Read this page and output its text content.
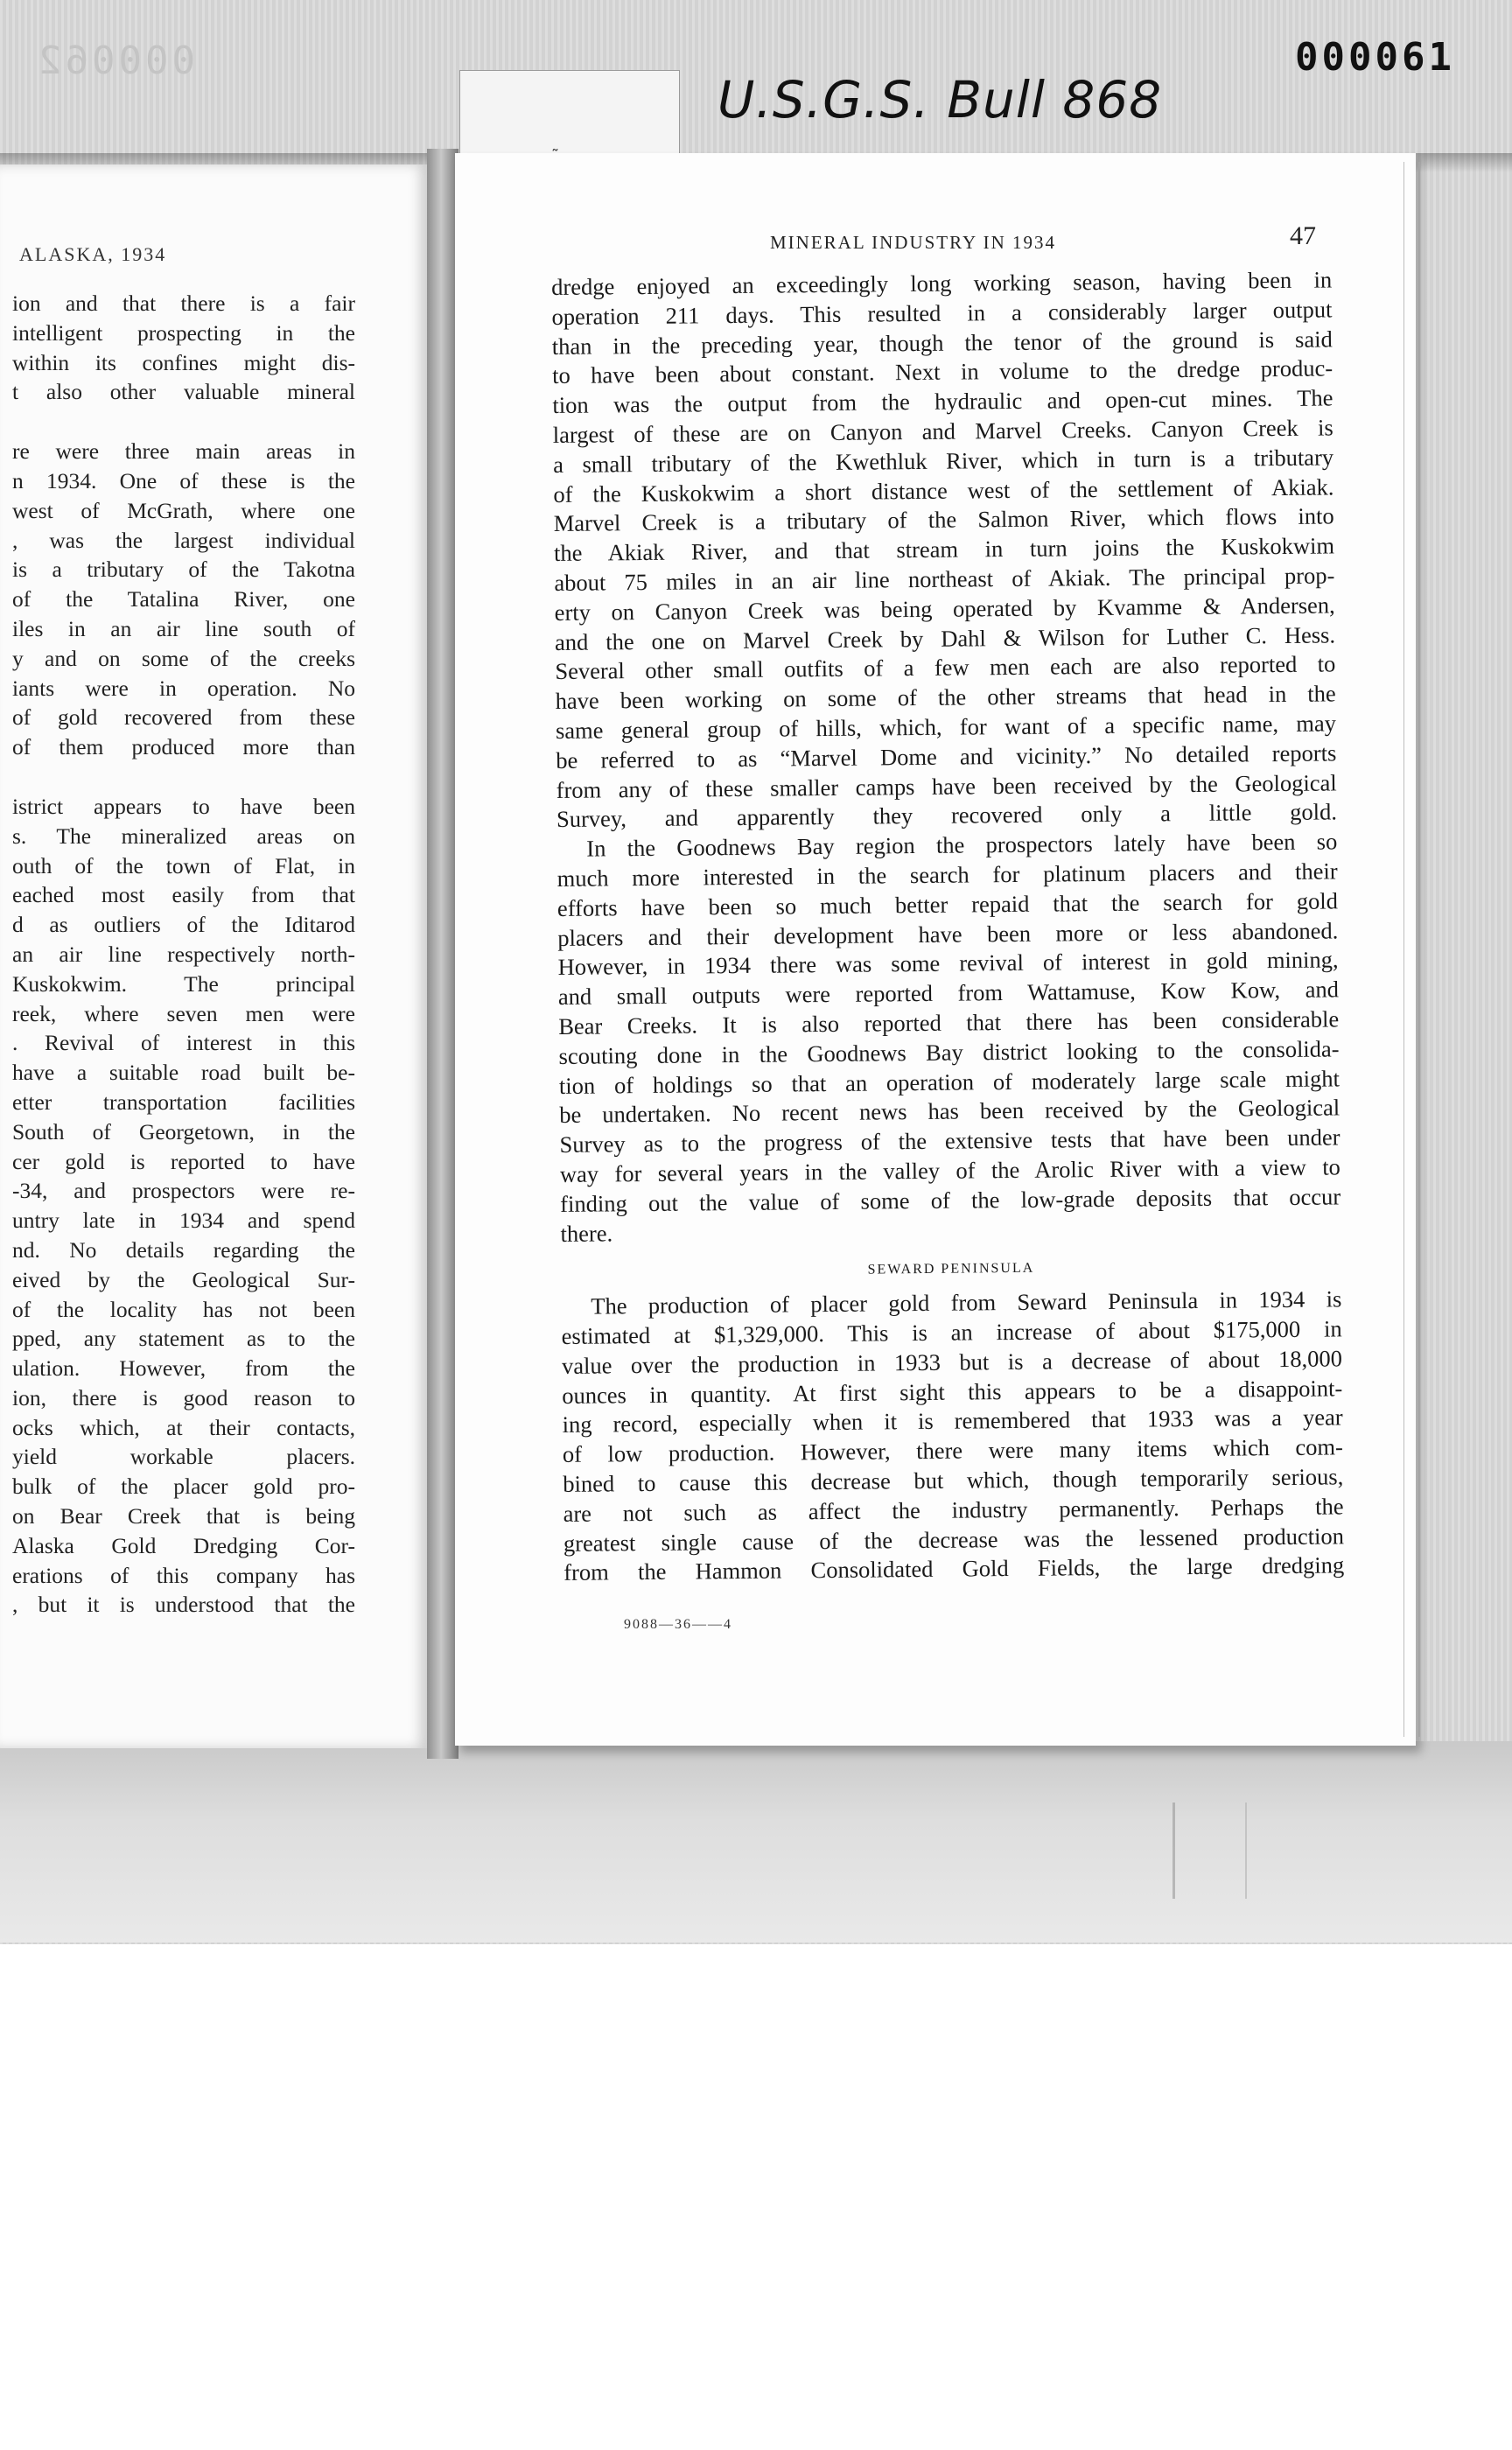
000062	000061
U.S.G.S. Bull 868
ALASKA, 1934
ion and that there is a fair
intelligent prospecting in the
within its confines might dis-
t also other valuable mineral
re were three main areas in
n 1934. One of these is the
west of McGrath, where one
, was the largest individual
is a tributary of the Takotna
of the Tatalina River, one
iles in an air line south of
y and on some of the creeks
iants were in operation. No
of gold recovered from these
of them produced more than
istrict appears to have been
s. The mineralized areas on
outh of the town of Flat, in
eached most easily from that
d as outliers of the Iditarod
an air line respectively north-
Kuskokwim. The principal
reek, where seven men were
. Revival of interest in this
have a suitable road built be-
etter transportation facilities
South of Georgetown, in the
cer gold is reported to have
-34, and prospectors were re-
untry late in 1934 and spend
nd. No details regarding the
eived by the Geological Sur-
of the locality has not been
pped, any statement as to the
ulation. However, from the
ion, there is good reason to
ocks which, at their contacts,
yield workable placers.
bulk of the placer gold pro-
on Bear Creek that is being
Alaska Gold Dredging Cor-
erations of this company has
, but it is understood that the
MINERAL INDUSTRY IN 1934	47
dredge enjoyed an exceedingly long working season, having been in
operation 211 days. This resulted in a considerably larger output
than in the preceding year, though the tenor of the ground is said
to have been about constant. Next in volume to the dredge produc-
tion was the output from the hydraulic and open-cut mines. The
largest of these are on Canyon and Marvel Creeks. Canyon Creek is
a small tributary of the Kwethluk River, which in turn is a tributary
of the Kuskokwim a short distance west of the settlement of Akiak.
Marvel Creek is a tributary of the Salmon River, which flows into
the Akiak River, and that stream in turn joins the Kuskokwim
about 75 miles in an air line northeast of Akiak. The principal prop-
erty on Canyon Creek was being operated by Kvamme & Andersen,
and the one on Marvel Creek by Dahl & Wilson for Luther C. Hess.
Several other small outfits of a few men each are also reported to
have been working on some of the other streams that head in the
same general group of hills, which, for want of a specific name, may
be referred to as “Marvel Dome and vicinity.” No detailed reports
from any of these smaller camps have been received by the Geological
Survey, and apparently they recovered only a little gold.
In the Goodnews Bay region the prospectors lately have been so
much more interested in the search for platinum placers and their
efforts have been so much better repaid that the search for gold
placers and their development have been more or less abandoned.
However, in 1934 there was some revival of interest in gold mining,
and small outputs were reported from Wattamuse, Kow Kow, and
Bear Creeks. It is also reported that there has been considerable
scouting done in the Goodnews Bay district looking to the consolida-
tion of holdings so that an operation of moderately large scale might
be undertaken. No recent news has been received by the Geological
Survey as to the progress of the extensive tests that have been under
way for several years in the valley of the Arolic River with a view to
finding out the value of some of the low-grade deposits that occur
there.
SEWARD PENINSULA
The production of placer gold from Seward Peninsula in 1934 is
estimated at $1,329,000. This is an increase of about $175,000 in
value over the production in 1933 but is a decrease of about 18,000
ounces in quantity. At first sight this appears to be a disappoint-
ing record, especially when it is remembered that 1933 was a year
of low production. However, there were many items which com-
bined to cause this decrease but which, though temporarily serious,
are not such as affect the industry permanently. Perhaps the
greatest single cause of the decrease was the lessened production
from the Hammon Consolidated Gold Fields, the large dredging
9088—36——4
